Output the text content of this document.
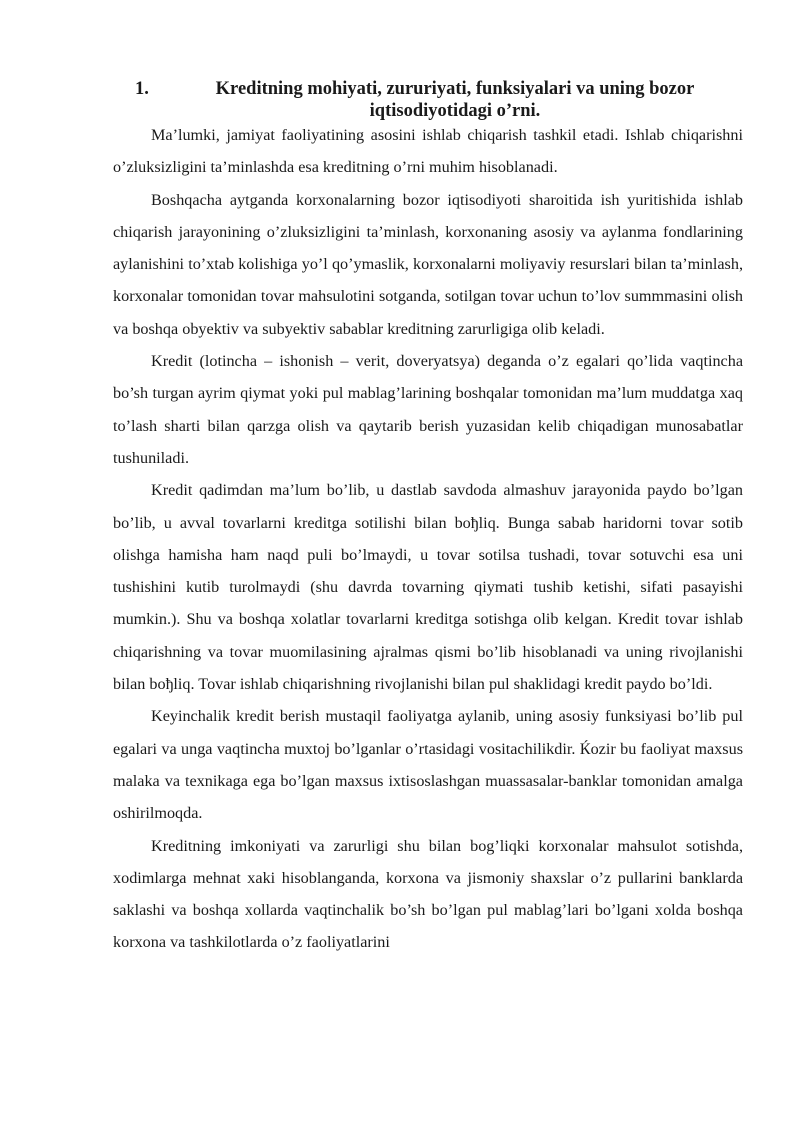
1.	Kreditning mohiyati, zururiyati, funksiyalari va uning bozor iqtisodiyotidagi o’rni.

Ma’lumki, jamiyat faoliyatining asosini ishlab chiqarish tashkil etadi. Ishlab chiqarishni o’zluksizligini ta’minlashda esa kreditning o’rni muhim hisoblanadi.

Boshqacha aytganda korxonalarning bozor iqtisodiyoti sharoitida ish yuritishida ishlab chiqarish jarayonining o’zluksizligini ta’minlash, korxonaning asosiy va aylanma fondlarining aylanishini to’xtab kolishiga yo’l qo’ymaslik, korxonalarni moliyaviy resurslari bilan ta’minlash, korxonalar tomonidan tovar mahsulotini sotganda, sotilgan tovar uchun to’lov summmasini olish va boshqa obyektiv va subyektiv sabablar kreditning zarurligiga olib keladi.

Kredit (lotincha – ishonish – verit, doveryatsya) deganda o’z egalari qo’lida vaqtincha bo’sh turgan ayrim qiymat yoki pul mablag’larining boshqalar tomonidan ma’lum muddatga xaq to’lash sharti bilan qarzga olish va qaytarib berish yuzasidan kelib chiqadigan munosabatlar tushuniladi.

Kredit qadimdan ma’lum bo’lib, u dastlab savdoda almashuv jarayonida paydo bo’lgan bo’lib, u avval tovarlarni kreditga sotilishi bilan boђliq. Bunga sabab haridorni tovar sotib olishga hamisha ham naqd puli bo’lmaydi, u tovar sotilsa tushadi, tovar sotuvchi esa uni tushishini kutib turolmaydi (shu davrda tovarning qiymati tushib ketishi, sifati pasayishi mumkin.). Shu va boshqa xolatlar tovarlarni kreditga sotishga olib kelgan. Kredit tovar ishlab chiqarishning va tovar muomilasining ajralmas qismi bo’lib hisoblanadi va uning rivojlanishi bilan boђliq. Tovar ishlab chiqarishning rivojlanishi bilan pul shaklidagi kredit paydo bo’ldi.

Keyinchalik kredit berish mustaqil faoliyatga aylanib, uning asosiy funksiyasi bo’lib pul egalari va unga vaqtincha muxtoj bo’lganlar o’rtasidagi vositachilikdir. Ќozir bu faoliyat maxsus malaka va texnikaga ega bo’lgan maxsus ixtisoslashgan muassasalar-banklar tomonidan amalga oshirilmoqda.

Kreditning imkoniyati va zarurligi shu bilan bog’liqki korxonalar mahsulot sotishda, xodimlarga mehnat xaki hisoblanganda, korxona va jismoniy shaxslar o’z pullarini banklarda saklashi va boshqa xollarda vaqtinchalik bo’sh bo’lgan pul mablag’lari bo’lgani xolda boshqa korxona va tashkilotlarda o’z faoliyatlarini
